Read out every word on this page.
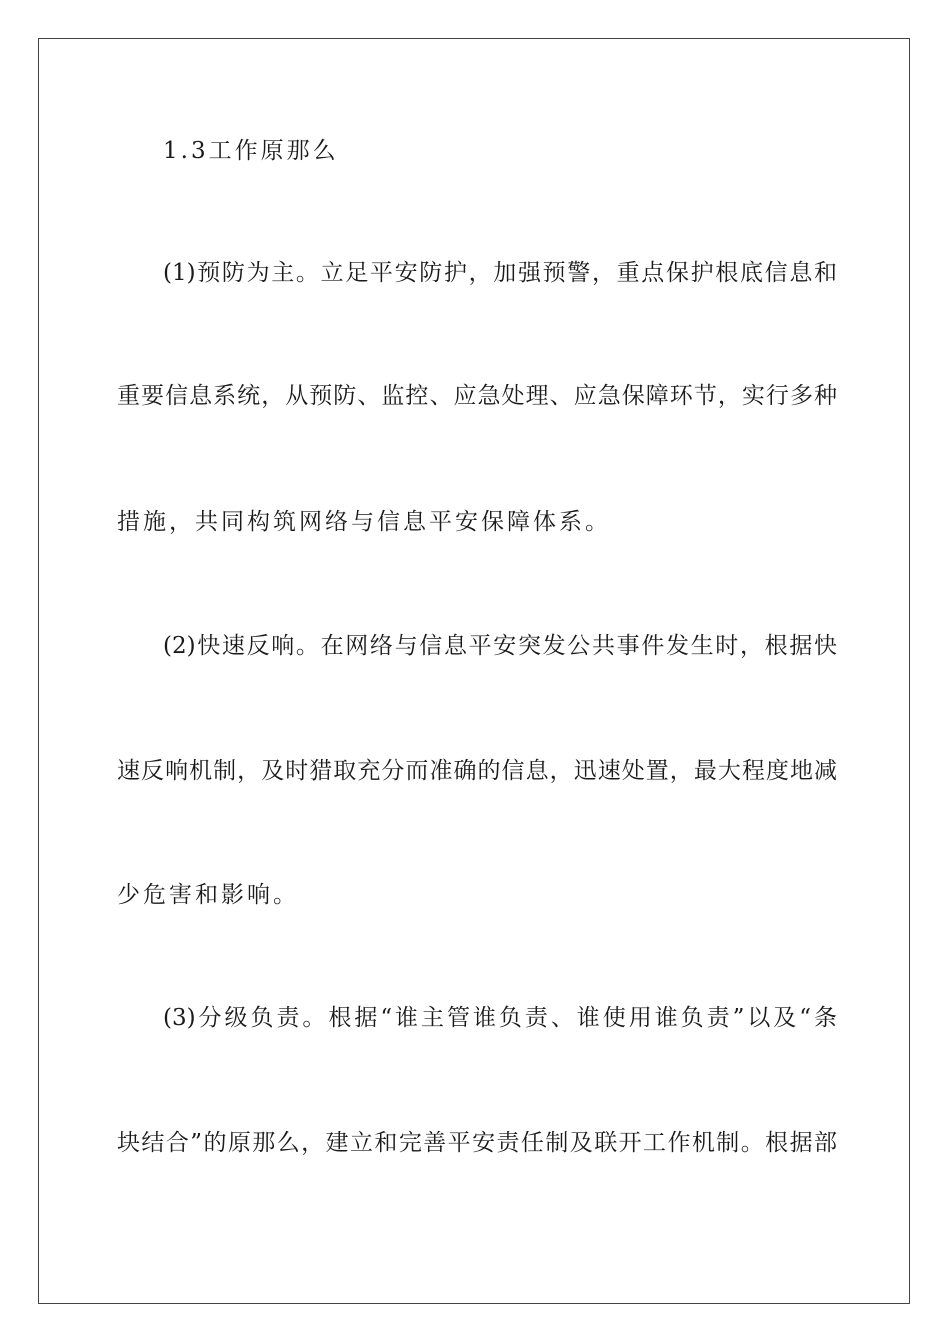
1.3工作原那么
(1)预防为主。立足平安防护，加强预警，重点保护根底信息和
重要信息系统，从预防、监控、应急处理、应急保障环节，实行多种
措施，共同构筑网络与信息平安保障体系。
(2)快速反响。在网络与信息平安突发公共事件发生时，根据快
速反响机制，及时猎取充分而准确的信息，迅速处置，最大程度地减
少危害和影响。
(3)分级负责。根据“谁主管谁负责、谁使用谁负责”以及“条
块结合”的原那么，建立和完善平安责任制及联开工作机制。根据部
